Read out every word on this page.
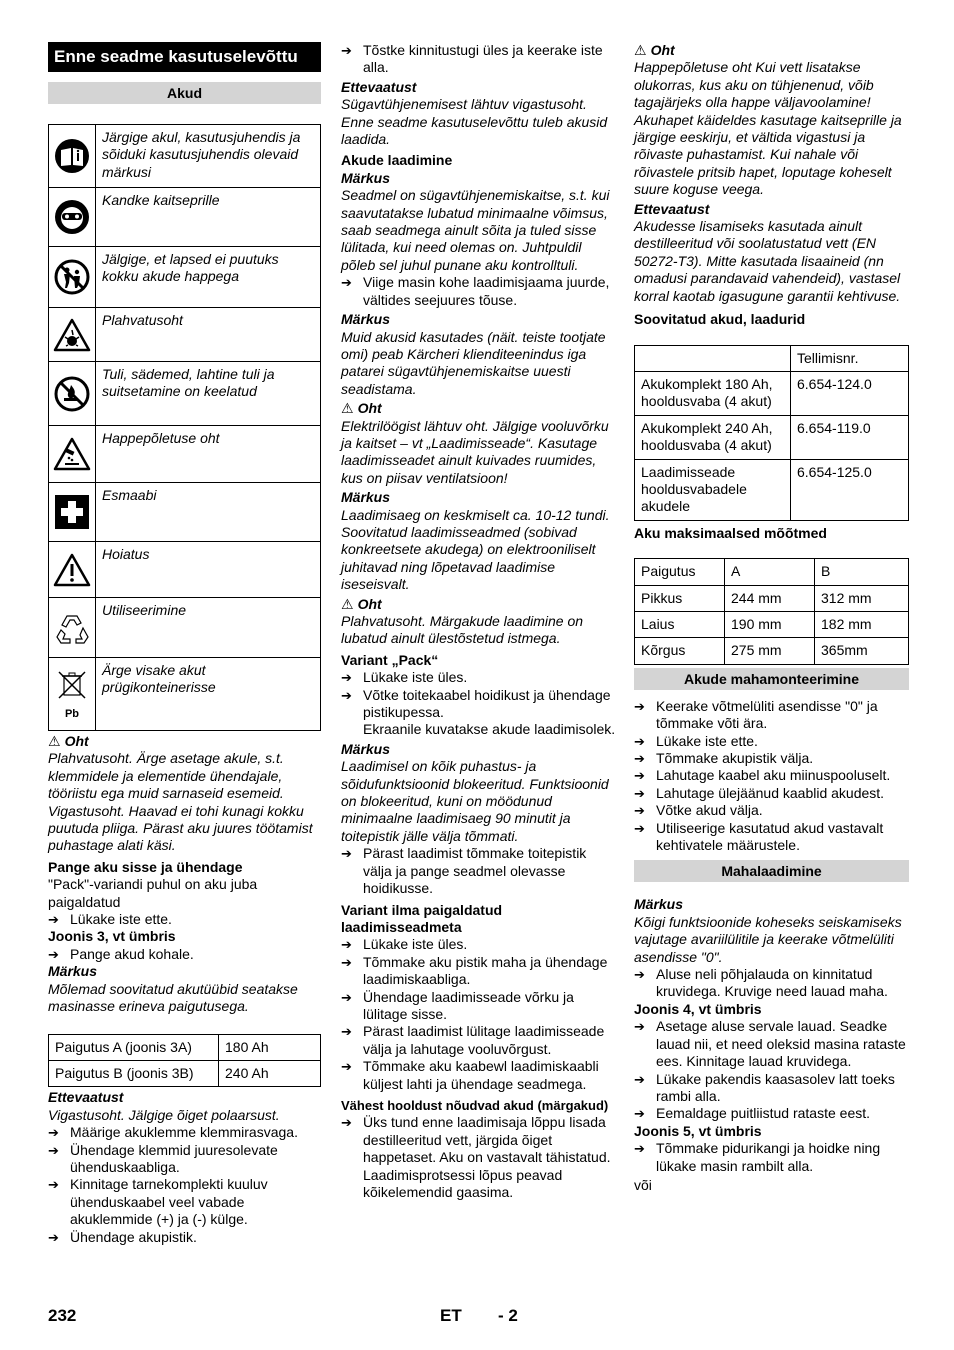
Enne seadme kasutuselevõttu
Akud
	Järgige akul, kasutusjuhendis ja sõiduki kasutusjuhendis olevaid märkusi

	Kandke kaitseprille

	Jälgige, et lapsed ei puutuks kokku akude happega

	Plahvatusoht

	Tuli, sädemed, lahtine tuli ja suitsetamine on keelatud

	Happepõletuse oht

	Esmaabi

	Hoiatus

	Utiliseerimine

Pb	Ärge visake akut prügikonteinerisse

⚠ Oht

Plahvatusoht. Ärge asetage akule, s.t. klemmidele ja elementide ühendajale, tööriistu ega muid sarnaseid esemeid. Vigastusoht. Haavad ei tohi kunagi kokku puutuda pliiga. Pärast aku juures töötamist puhastage alati käsi.

Pange aku sisse ja ühendage

"Pack"-variandi puhul on aku juba paigaldatud

➔ Lükake iste ette.

Joonis 3, vt ümbris

➔ Pange akud kohale.

Märkus

Mõlemad soovitatud akutüübid seatakse masinasse erineva paigutusega.

Paigutus A (joonis 3A)	180 Ah
Paigutus B (joonis 3B)	240 Ah

Ettevaatust

Vigastusoht. Jälgige õiget polaarsust.

➔ Määrige akuklemme klemmirasvaga.

➔ Ühendage klemmid juuresolevate ühenduskaabliga.

➔ Kinnitage tarnekomplekti kuuluv ühenduskaabel veel vabade akuklemmide (+) ja (-) külge.

➔ Ühendage akupistik.

➔ Tõstke kinnitustugi üles ja keerake iste alla.

Ettevaatust

Sügavtühjenemisest lähtuv vigastusoht. Enne seadme kasutuselevõttu tuleb akusid laadida.

Akude laadimine

Märkus

Seadmel on sügavtühjenemiskaitse, s.t. kui saavutatakse lubatud minimaalne võimsus, saab seadmega ainult sõita ja tuled sisse lülitada, kui need olemas on. Juhtpuldil põleb sel juhul punane aku kontrolltuli.

➔ Viige masin kohe laadimisjaama juurde, vältides seejuures tõuse.

Märkus

Muid akusid kasutades (näit. teiste tootjate omi) peab Kärcheri klienditeenindus iga patarei sügavtühjenemiskaitse uuesti seadistama.

⚠ Oht

Elektrilöögist lähtuv oht. Jälgige vooluvõrku ja kaitset – vt „Laadimisseade“. Kasutage laadimisseadet ainult kuivades ruumides, kus on piisav ventilatsioon!

Märkus

Laadimisaeg on keskmiselt ca. 10-12 tundi. Soovitatud laadimisseadmed (sobivad konkreetsete akudega) on elektrooniliselt juhitavad ning lõpetavad laadimise iseseisvalt.

⚠ Oht

Plahvatusoht. Märgakude laadimine on lubatud ainult ülestõstetud istmega.

Variant „Pack“

➔ Lükake iste üles.

➔ Võtke toitekaabel hoidikust ja ühendage pistikupessa.

Ekraanile kuvatakse akude laadimisolek.

Märkus

Laadimisel on kõik puhastus- ja sõidufunktsioonid blokeeritud. Funktsioonid on blokeeritud, kuni on möödunud minimaalne laadimisaeg 90 minutit ja toitepistik jälle välja tõmmati.

➔ Pärast laadimist tõmmake toitepistik välja ja pange seadmel olevasse hoidikusse.

Variant ilma paigaldatud laadimisseadmeta

➔ Lükake iste üles.

➔ Tõmmake aku pistik maha ja ühendage laadimiskaabliga.

➔ Ühendage laadimisseade võrku ja lülitage sisse.

➔ Pärast laadimist lülitage laadimisseade välja ja lahutage vooluvõrgust.

➔ Tõmmake aku kaabewl laadimiskaabli küljest lahti ja ühendage seadmega.

Vähest hooldust nõudvad akud (märgakud)

➔ Üks tund enne laadimisaja lõppu lisada destilleeritud vett, järgida õiget happetaset. Aku on vastavalt tähistatud. Laadimisprotsessi lõpus peavad kõikelemendid gaasima.

⚠ Oht

Happepõletuse oht Kui vett lisatakse olukorras, kus aku on tühjenenud, võib tagajärjeks olla happe väljavoolamine! Akuhapet käideldes kasutage kaitseprille ja järgige eeskirju, et vältida vigastusi ja rõivaste puhastamist. Kui nahale või rõivastele pritsib hapet, loputage koheselt suure koguse veega.

Ettevaatust

Akudesse lisamiseks kasutada ainult destilleeritud või soolatustatud vett (EN 50272-T3). Mitte kasutada lisaaineid (nn omadusi parandavaid vahendeid), vastasel korral kaotab igasugune garantii kehtivuse.

Soovitatud akud, laadurid

	Tellimisnr.
Akukomplekt 180 Ah, hooldusvaba (4 akut)	6.654-124.0
Akukomplekt 240 Ah, hooldusvaba (4 akut)	6.654-119.0
Laadimisseade hooldusvabadele akudele	6.654-125.0

Aku maksimaalsed mõõtmed

Paigutus	A	B
Pikkus	244 mm	312 mm
Laius	190 mm	182 mm
Kõrgus	275 mm	365mm
Akude mahamonteerimine

➔ Keerake võtmelüliti asendisse "0" ja tõmmake võti ära.

➔ Lükake iste ette.

➔ Tõmmake akupistik välja.

➔ Lahutage kaabel aku miinuspooluselt.

➔ Lahutage ülejäänud kaablid akudest.

➔ Võtke akud välja.

➔ Utiliseerige kasutatud akud vastavalt kehtivatele määrustele.

Mahalaadimine

Märkus

Kõigi funktsioonide koheseks seiskamiseks vajutage avariilülitile ja keerake võtmelüliti asendisse "0".

➔ Aluse neli põhjalauda on kinnitatud kruvidega. Kruvige need lauad maha.

Joonis 4, vt ümbris

➔ Asetage aluse servale lauad. Seadke lauad nii, et need oleksid masina rataste ees. Kinnitage lauad kruvidega.

➔ Lükake pakendis kaasasolev latt toeks rambi alla.

➔ Eemaldage puitliistud rataste eest.

Joonis 5, vt ümbris

➔ Tõmmake pidurikangi ja hoidke ning lükake masin rambilt alla.

või

232	ET - 2
